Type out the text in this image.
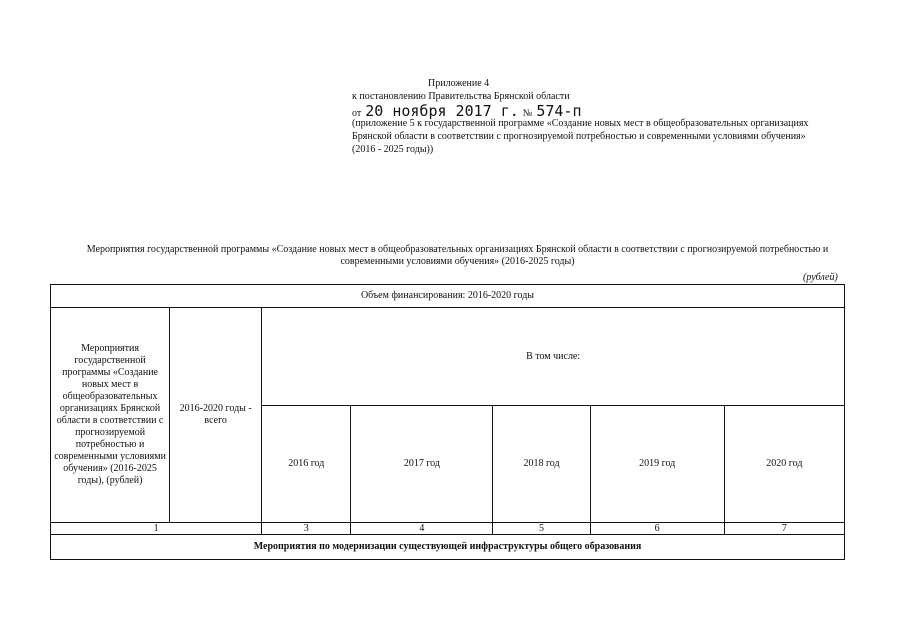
Приложение 4
к постановлению Правительства Брянской области
от 20 ноября 2017 г. № 574-п
(приложение 5 к государственной программе «Создание новых мест в общеобразовательных организациях Брянской области в соответствии с прогнозируемой потребностью и современными условиями обучения» (2016 - 2025 годы))
Мероприятия государственной программы «Создание новых мест в общеобразовательных организациях Брянской области в соответствии с прогнозируемой потребностью и современными условиями обучения» (2016-2025 годы)
(рублей)
Объем финансирования: 2016-2020 годы						
Мероприятия государственной программы «Создание новых мест в общеобразовательных организациях Брянской области в соответствии с прогнозируемой потребностью и современными условиями обучения» (2016-2025 годы), (рублей)	2016-2020 годы - всего	В том числе:				
		2016 год	2017 год	2018 год	2019 год	2020 год
1		3	4	5	6	7
Мероприятия по модернизации существующей инфраструктуры общего образования						
